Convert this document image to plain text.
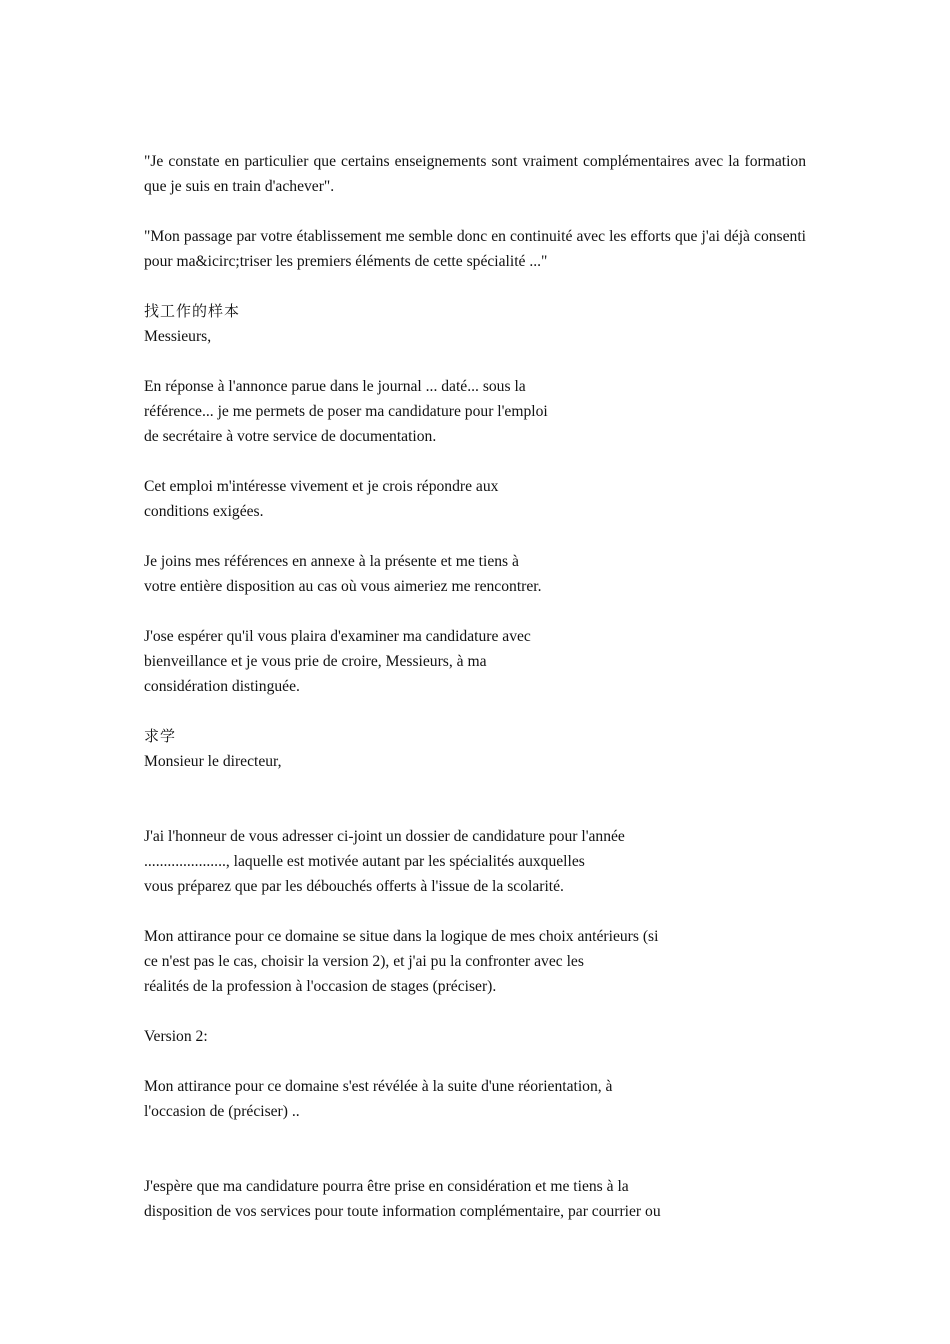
"Je constate en particulier que certains enseignements sont vraiment complémentaires avec la formation que je suis en train d'achever".

"Mon passage par votre établissement me semble donc en continuité avec les efforts que j'ai déjà consenti pour ma&icirc;triser les premiers éléments de cette spécialité ..."

找工作的样本

Messieurs,

En réponse à l'annonce parue dans le journal ... daté... sous la

référence... je me permets de poser ma candidature pour l'emploi

de secrétaire à votre service de documentation.

Cet emploi m'intéresse vivement et je crois répondre aux

conditions exigées.

Je joins mes références en annexe à la présente et me tiens à

votre entière disposition au cas où vous aimeriez me rencontrer.

J'ose espérer qu'il vous plaira d'examiner ma candidature avec

bienveillance et je vous prie de croire, Messieurs, à ma

considération distinguée.

求学

Monsieur le directeur,

J'ai l'honneur de vous adresser ci-joint un dossier de candidature pour l'année

....................., laquelle est motivée autant par les spécialités auxquelles

vous préparez que par les débouchés offerts à l'issue de la scolarité.

Mon attirance pour ce domaine se situe dans la logique de mes choix antérieurs (si

ce n'est pas le cas, choisir la version 2), et j'ai pu la confronter avec les

réalités de la profession à l'occasion de stages (préciser).

Version 2:

Mon attirance pour ce domaine s'est révélée à la suite d'une réorientation, à

l'occasion de (préciser) ..

J'espère que ma candidature pourra être prise en considération et me tiens à la

disposition de vos services pour toute information complémentaire, par courrier ou
